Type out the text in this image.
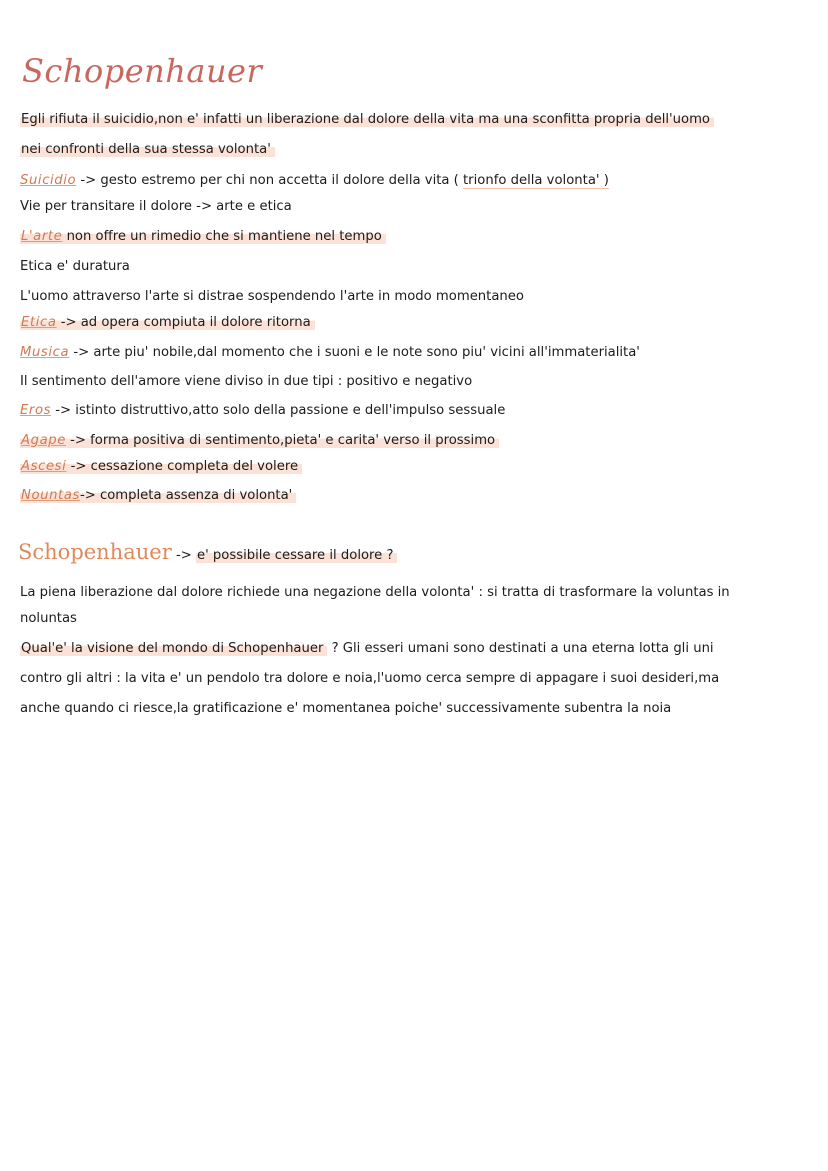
Schopenhauer
Egli rifiuta il suicidio,non e' infatti un liberazione dal dolore della vita ma una sconfitta propria dell'uomo
nei confronti della sua stessa volonta'
Suicidio -> gesto estremo per chi non accetta il dolore della vita ( trionfo della volonta' )
Vie per transitare il dolore -> arte e etica
L'arte non offre un rimedio che si mantiene nel tempo
Etica e' duratura
L'uomo attraverso l'arte si distrae sospendendo l'arte in modo momentaneo
Etica -> ad opera compiuta il dolore ritorna
Musica -> arte piu' nobile,dal momento che i suoni e le note sono piu' vicini all'immaterialita'
Il sentimento dell'amore viene diviso in due tipi : positivo e negativo
Eros -> istinto distruttivo,atto solo della passione e dell'impulso sessuale
Agape -> forma positiva di sentimento,pieta' e carita' verso il prossimo
Ascesi -> cessazione completa del volere
Nountas-> completa assenza di volonta'
Schopenhauer -> e' possibile cessare il dolore ?
La piena liberazione dal dolore richiede una negazione della volonta' : si tratta di trasformare la voluntas in
noluntas
Qual'e' la visione del mondo di Schopenhauer ? Gli esseri umani sono destinati a una eterna lotta gli uni
contro gli altri : la vita e' un pendolo tra dolore e noia,l'uomo cerca sempre di appagare i suoi desideri,ma
anche quando ci riesce,la gratificazione e' momentanea poiche' successivamente subentra la noia
